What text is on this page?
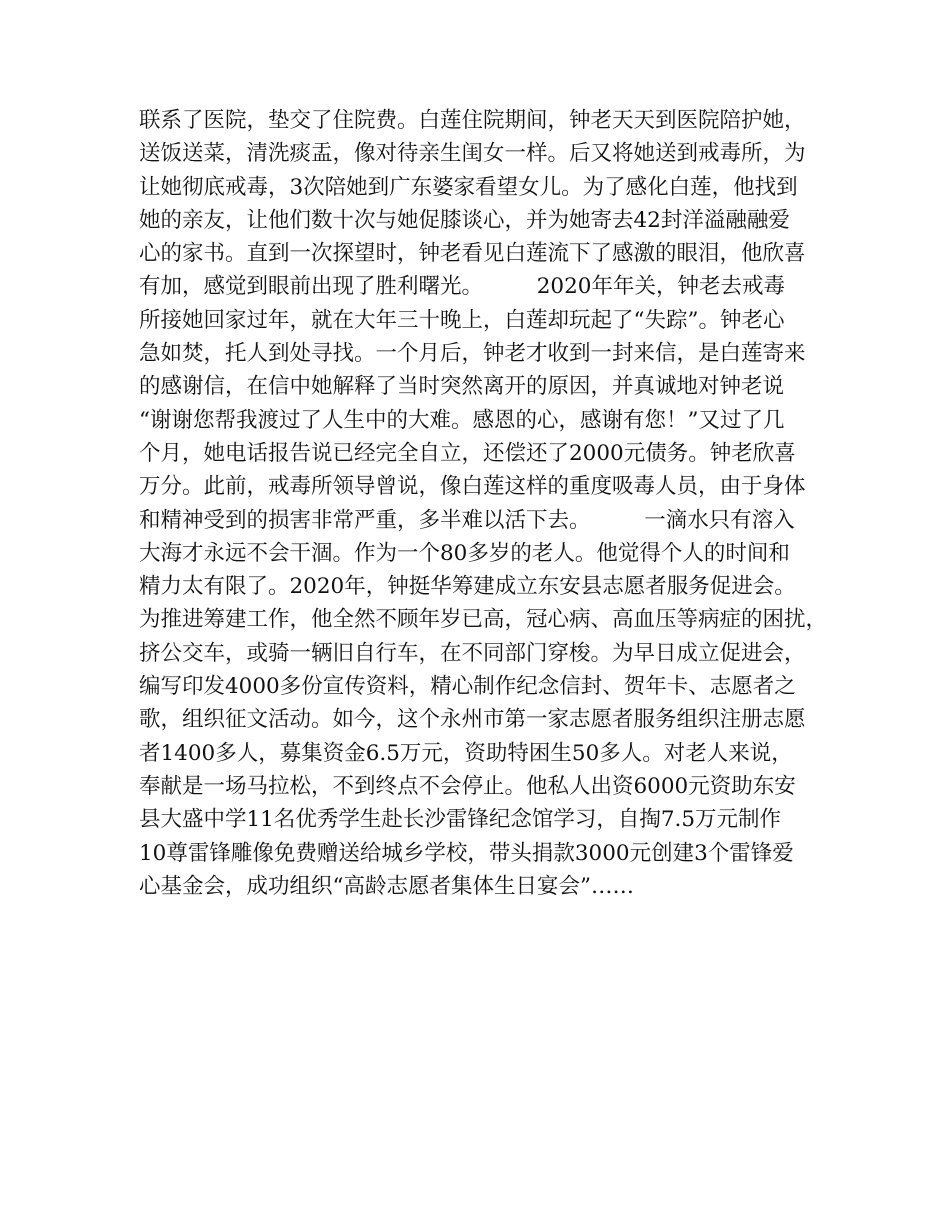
联系了医院，垫交了住院费。白莲住院期间，钟老天天到医院陪护她，
送饭送菜，清洗痰盂，像对待亲生闺女一样。后又将她送到戒毒所，为
让她彻底戒毒，3次陪她到广东婆家看望女儿。为了感化白莲，他找到
她的亲友，让他们数十次与她促膝谈心，并为她寄去42封洋溢融融爱
心的家书。直到一次探望时，钟老看见白莲流下了感激的眼泪，他欣喜
有加，感觉到眼前出现了胜利曙光。　　　2020年年关，钟老去戒毒
所接她回家过年，就在大年三十晚上，白莲却玩起了“失踪”。钟老心
急如焚，托人到处寻找。一个月后，钟老才收到一封来信，是白莲寄来
的感谢信，在信中她解释了当时突然离开的原因，并真诚地对钟老说
“谢谢您帮我渡过了人生中的大难。感恩的心，感谢有您！”又过了几
个月，她电话报告说已经完全自立，还偿还了2000元债务。钟老欣喜
万分。此前，戒毒所领导曾说，像白莲这样的重度吸毒人员，由于身体
和精神受到的损害非常严重，多半难以活下去。　　　一滴水只有溶入
大海才永远不会干涸。作为一个80多岁的老人。他觉得个人的时间和
精力太有限了。2020年，钟挺华筹建成立东安县志愿者服务促进会。
为推进筹建工作，他全然不顾年岁已高，冠心病、高血压等病症的困扰，
挤公交车，或骑一辆旧自行车，在不同部门穿梭。为早日成立促进会，
编写印发4000多份宣传资料，精心制作纪念信封、贺年卡、志愿者之
歌，组织征文活动。如今，这个永州市第一家志愿者服务组织注册志愿
者1400多人，募集资金6.5万元，资助特困生50多人。对老人来说，
奉献是一场马拉松，不到终点不会停止。他私人出资6000元资助东安
县大盛中学11名优秀学生赴长沙雷锋纪念馆学习，自掏7.5万元制作
10尊雷锋雕像免费赠送给城乡学校，带头捐款3000元创建3个雷锋爱
心基金会，成功组织“高龄志愿者集体生日宴会”……
